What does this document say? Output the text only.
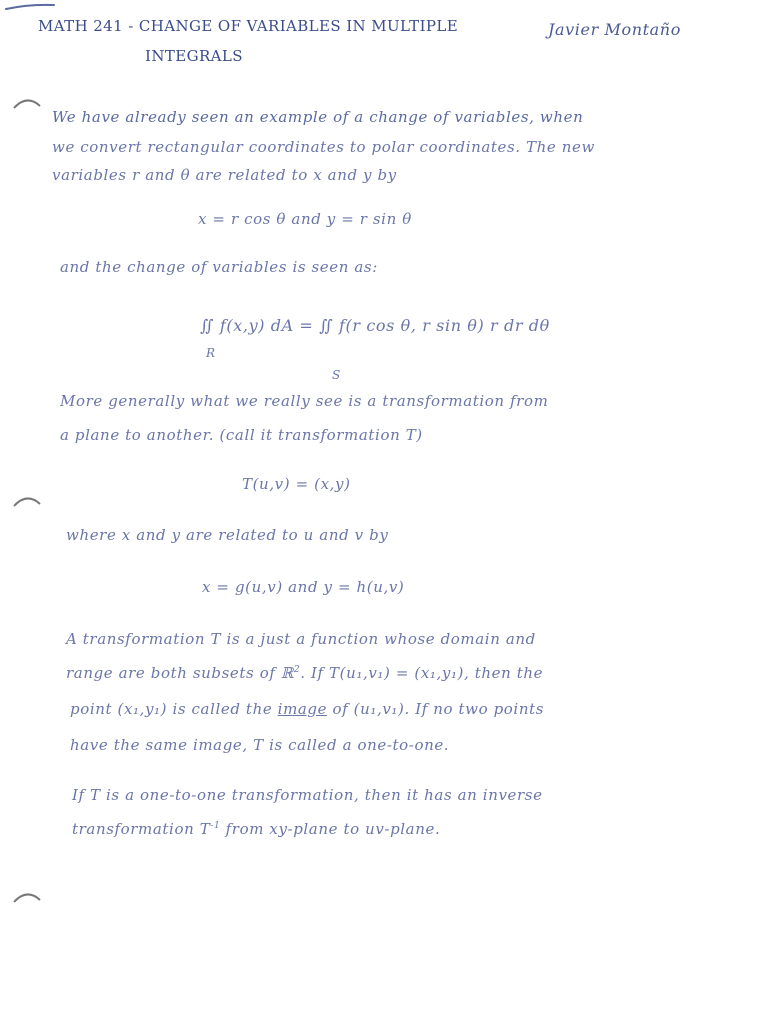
MATH 241 - CHANGE OF VARIABLES IN MULTIPLE
INTEGRALS
Javier Montaño
We have already seen an example of a change of variables, when
we convert rectangular coordinates to polar coordinates. The new
variables r and θ are related to x and y by
x = r cos θ and y = r sin θ
and the change of variables is seen as:
∬ f(x,y) dA = ∬ f(r cos θ, r sin θ) r dr dθ
R
S
More generally what we really see is a transformation from
a plane to another. (call it transformation T)
T(u,v) = (x,y)
where x and y are related to u and v by
x = g(u,v) and y = h(u,v)
A transformation T is a just a function whose domain and
range are both subsets of ℝ$^2$. If T(u₁,v₁) = (x₁,y₁), then the
point (x₁,y₁) is called the image of (u₁,v₁). If no two points
have the same image, T is called a one-to-one.
If T is a one-to-one transformation, then it has an inverse
transformation $T^{-1}$ from xy-plane to uv-plane.
